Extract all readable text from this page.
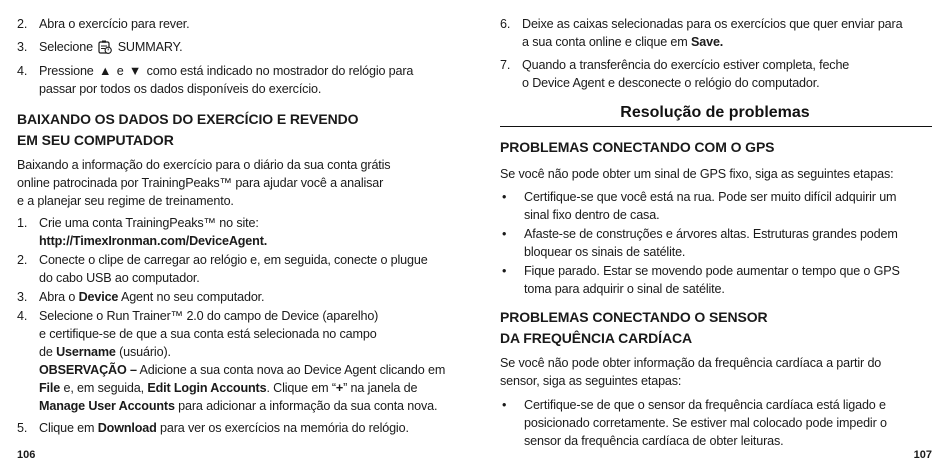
2. Abra o exercício para rever.
3. Selecione SUMMARY.
4. Pressione ▲ e ▼ como está indicado no mostrador do relógio para
passar por todos os dados disponíveis do exercício.
BAIXANDO OS DADOS DO EXERCÍCIO E REVENDO
EM SEU COMPUTADOR
Baixando a informação do exercício para o diário da sua conta grátis
online patrocinada por TrainingPeaks™ para ajudar você a analisar
e a planejar seu regime de treinamento.
1. Crie uma conta TrainingPeaks™ no site:
http://TimexIronman.com/DeviceAgent.
2. Conecte o clipe de carregar ao relógio e, em seguida, conecte o plugue
do cabo USB ao computador.
3. Abra o Device Agent no seu computador.
4. Selecione o Run Trainer™ 2.0 do campo de Device (aparelho)
e certifique-se de que a sua conta está selecionada no campo
de Username (usuário).
OBSERVAÇÃO – Adicione a sua conta nova ao Device Agent clicando em
File e, em seguida, Edit Login Accounts. Clique em “+” na janela de
Manage User Accounts para adicionar a informação da sua conta nova.
5. Clique em Download para ver os exercícios na memória do relógio.
106
6. Deixe as caixas selecionadas para os exercícios que quer enviar para
a sua conta online e clique em Save.
7. Quando a transferência do exercício estiver completa, feche
o Device Agent e desconecte o relógio do computador.
Resolução de problemas
PROBLEMAS CONECTANDO COM O GPS
Se você não pode obter um sinal de GPS fixo, siga as seguintes etapas:
•	Certifique-se que você está na rua. Pode ser muito difícil adquirir um
sinal fixo dentro de casa.
•	Afaste-se de construções e árvores altas. Estruturas grandes podem
bloquear os sinais de satélite.
•	Fique parado. Estar se movendo pode aumentar o tempo que o GPS
toma para adquirir o sinal de satélite.
PROBLEMAS CONECTANDO O SENSOR
DA FREQUÊNCIA CARDÍACA
Se você não pode obter informação da frequência cardíaca a partir do
sensor, siga as seguintes etapas:
•	Certifique-se de que o sensor da frequência cardíaca está ligado e
posicionado corretamente. Se estiver mal colocado pode impedir o
sensor da frequência cardíaca de obter leituras.
107
